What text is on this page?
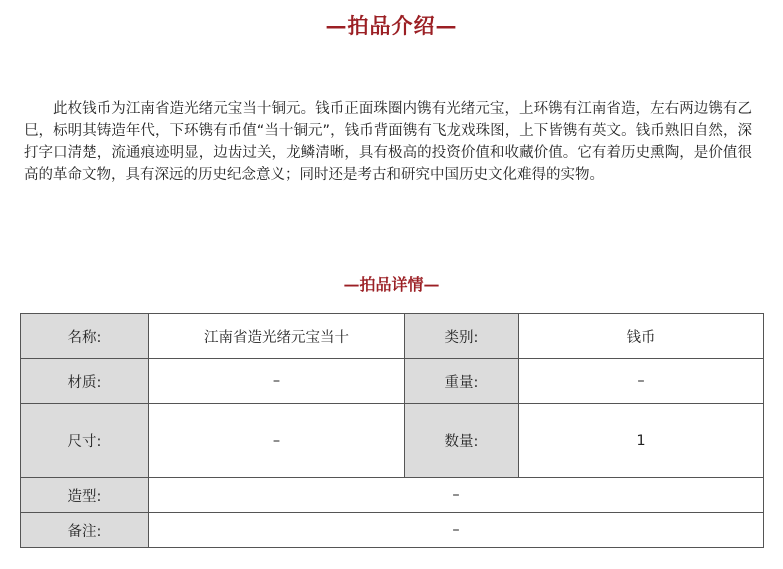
—拍品介绍—

此枚钱币为江南省造光绪元宝当十铜元。钱币正面珠圈内镌有光绪元宝，上环镌有江南省造，左右两边镌有乙巳，标明其铸造年代，下环镌有币值“当十铜元”，钱币背面镌有飞龙戏珠图，上下皆镌有英文。钱币熟旧自然，深打字口清楚，流通痕迹明显，边齿过关，龙鳞清晰，具有极高的投资价值和收藏价值。它有着历史熏陶，是价值很高的革命文物，具有深远的历史纪念意义；同时还是考古和研究中国历史文化难得的实物。

—拍品详情—
名称:	江南省造光绪元宝当十	类别:	钱币
材质:	–	重量:	–
尺寸:	–	数量:	1
造型:	–		
备注:	–		
